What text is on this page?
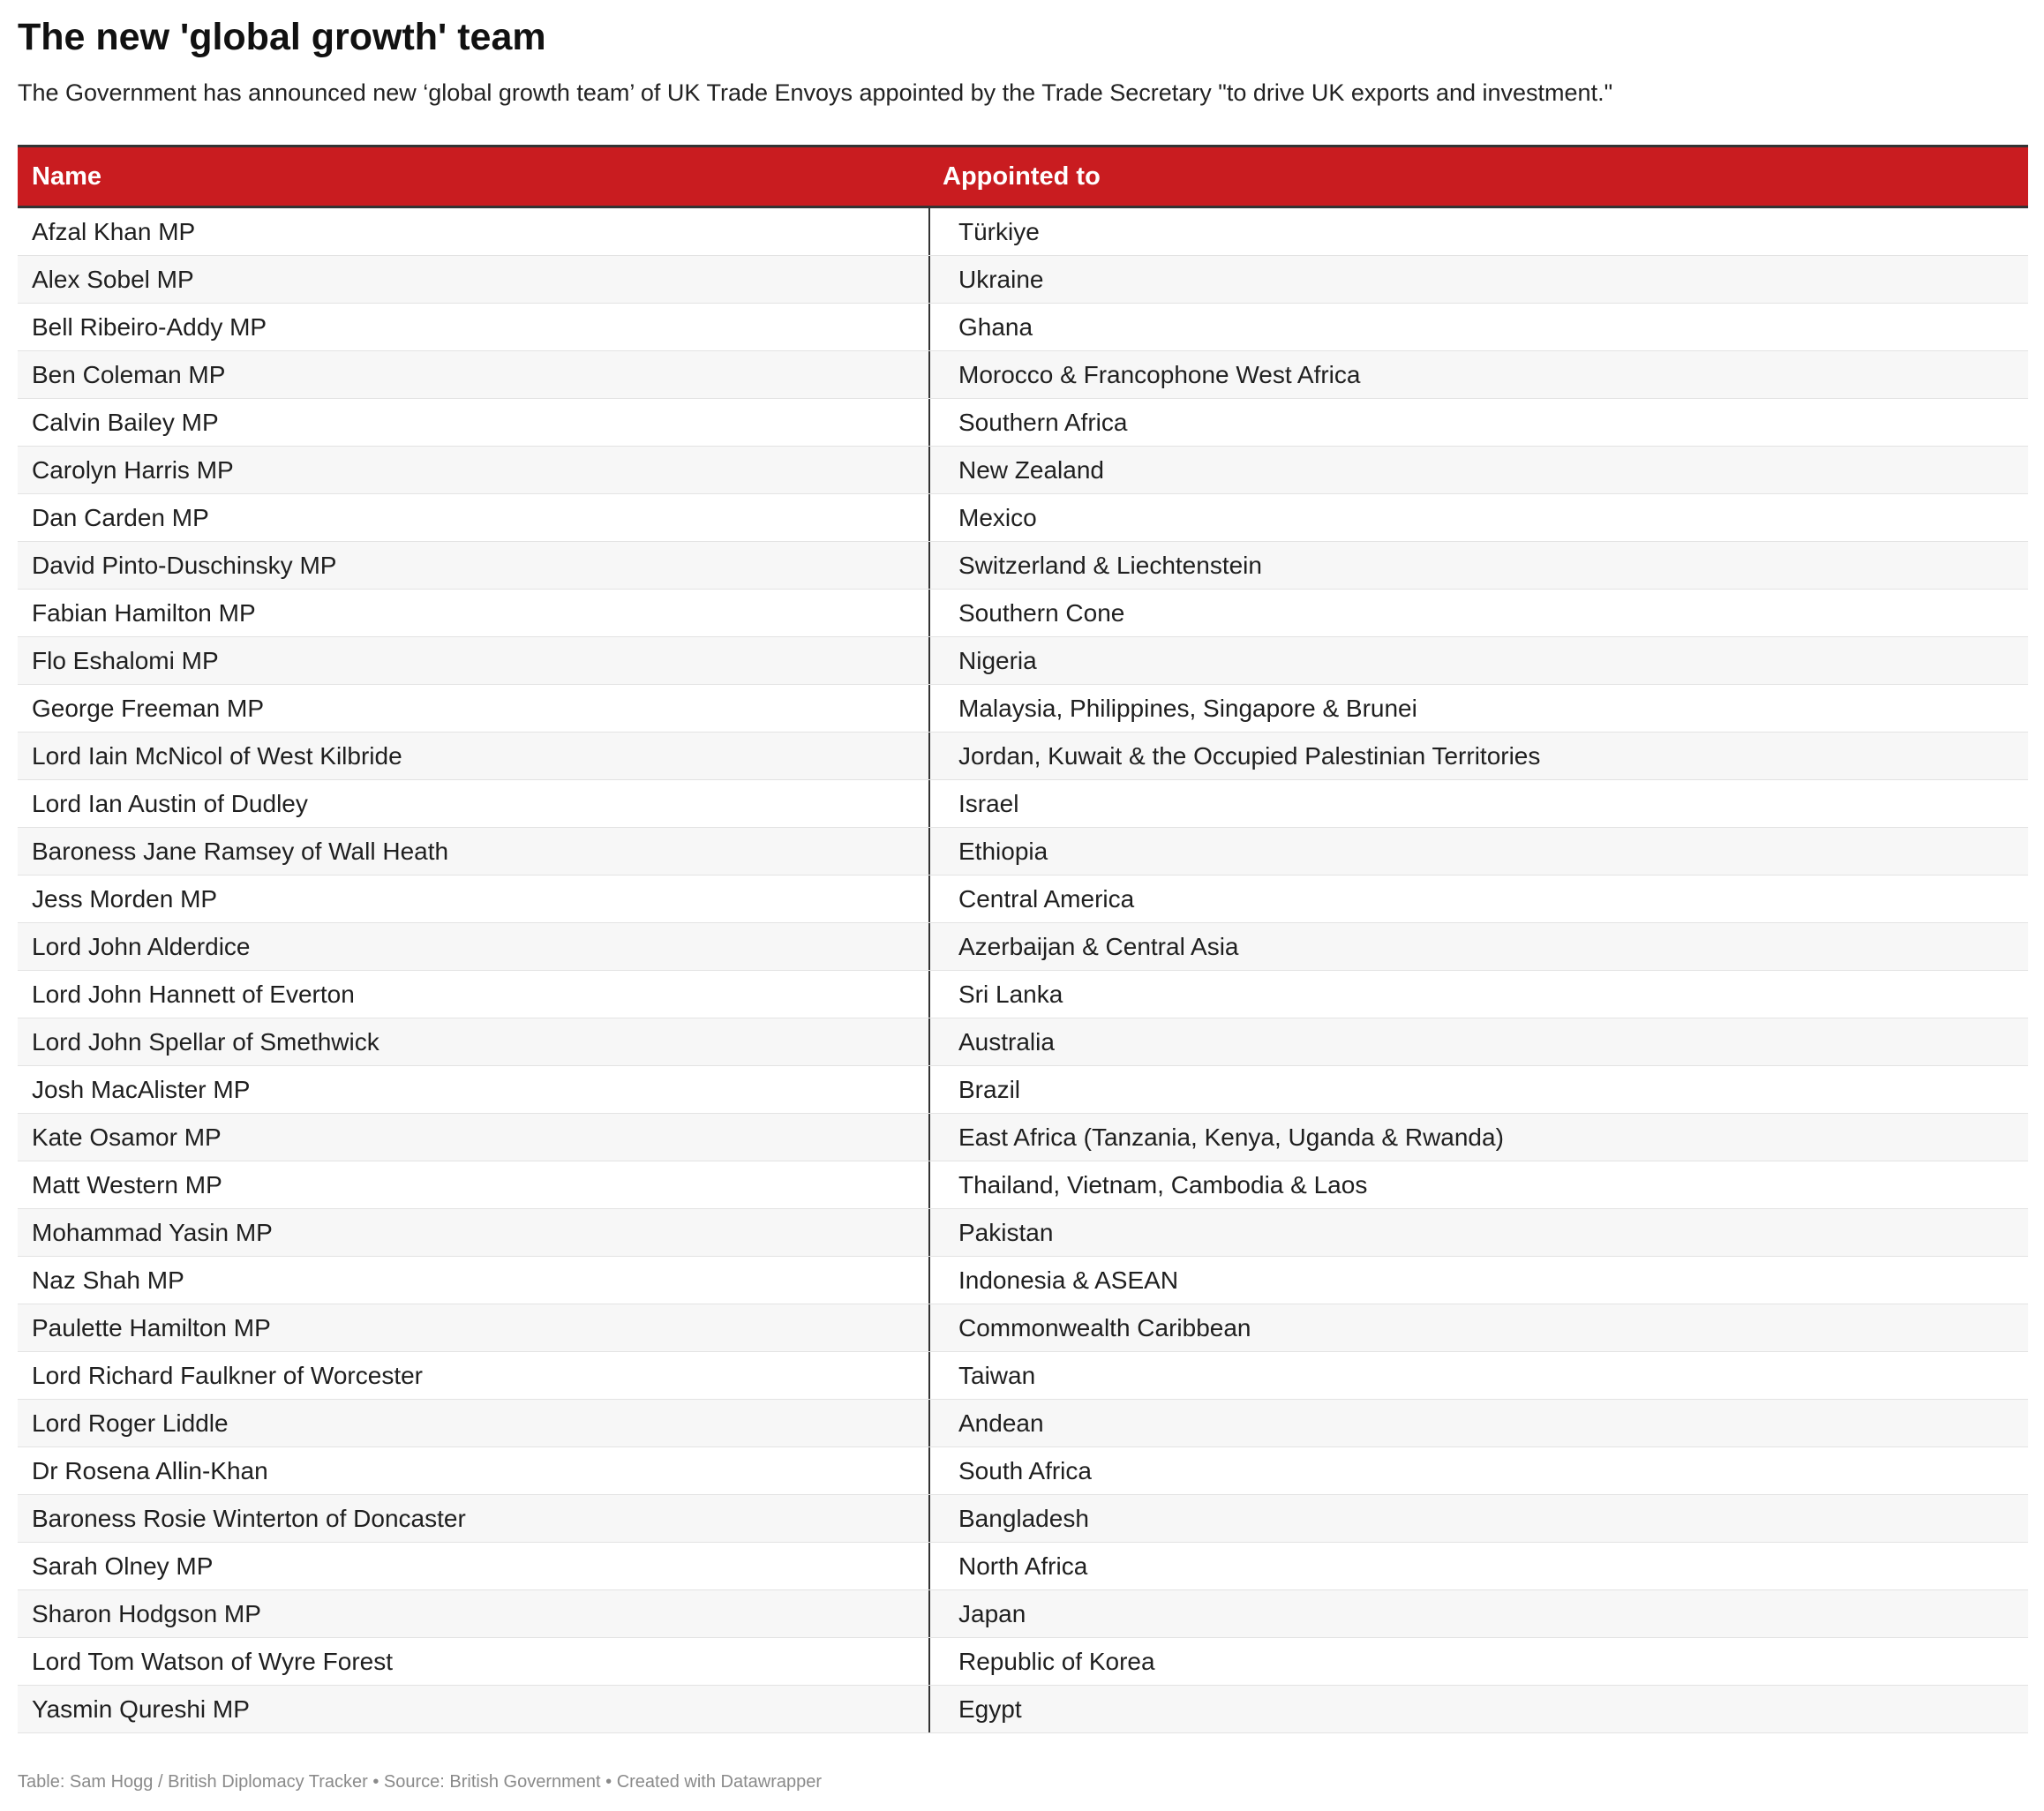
The new 'global growth' team
The Government has announced new ‘global growth team’ of UK Trade Envoys appointed by the Trade Secretary "to drive UK exports and investment."
Name	Appointed to
Afzal Khan MP	Türkiye
Alex Sobel MP	Ukraine
Bell Ribeiro-Addy MP	Ghana
Ben Coleman MP	Morocco & Francophone West Africa
Calvin Bailey MP	Southern Africa
Carolyn Harris MP	New Zealand
Dan Carden MP	Mexico
David Pinto-Duschinsky MP	Switzerland & Liechtenstein
Fabian Hamilton MP	Southern Cone
Flo Eshalomi MP	Nigeria
George Freeman MP	Malaysia, Philippines, Singapore & Brunei
Lord Iain McNicol of West Kilbride	Jordan, Kuwait & the Occupied Palestinian Territories
Lord Ian Austin of Dudley	Israel
Baroness Jane Ramsey of Wall Heath	Ethiopia
Jess Morden MP	Central America
Lord John Alderdice	Azerbaijan & Central Asia
Lord John Hannett of Everton	Sri Lanka
Lord John Spellar of Smethwick	Australia
Josh MacAlister MP	Brazil
Kate Osamor MP	East Africa (Tanzania, Kenya, Uganda & Rwanda)
Matt Western MP	Thailand, Vietnam, Cambodia & Laos
Mohammad Yasin MP	Pakistan
Naz Shah MP	Indonesia & ASEAN
Paulette Hamilton MP	Commonwealth Caribbean
Lord Richard Faulkner of Worcester	Taiwan
Lord Roger Liddle	Andean
Dr Rosena Allin-Khan	South Africa
Baroness Rosie Winterton of Doncaster	Bangladesh
Sarah Olney MP	North Africa
Sharon Hodgson MP	Japan
Lord Tom Watson of Wyre Forest	Republic of Korea
Yasmin Qureshi MP	Egypt
Table: Sam Hogg / British Diplomacy Tracker • Source: British Government • Created with Datawrapper
